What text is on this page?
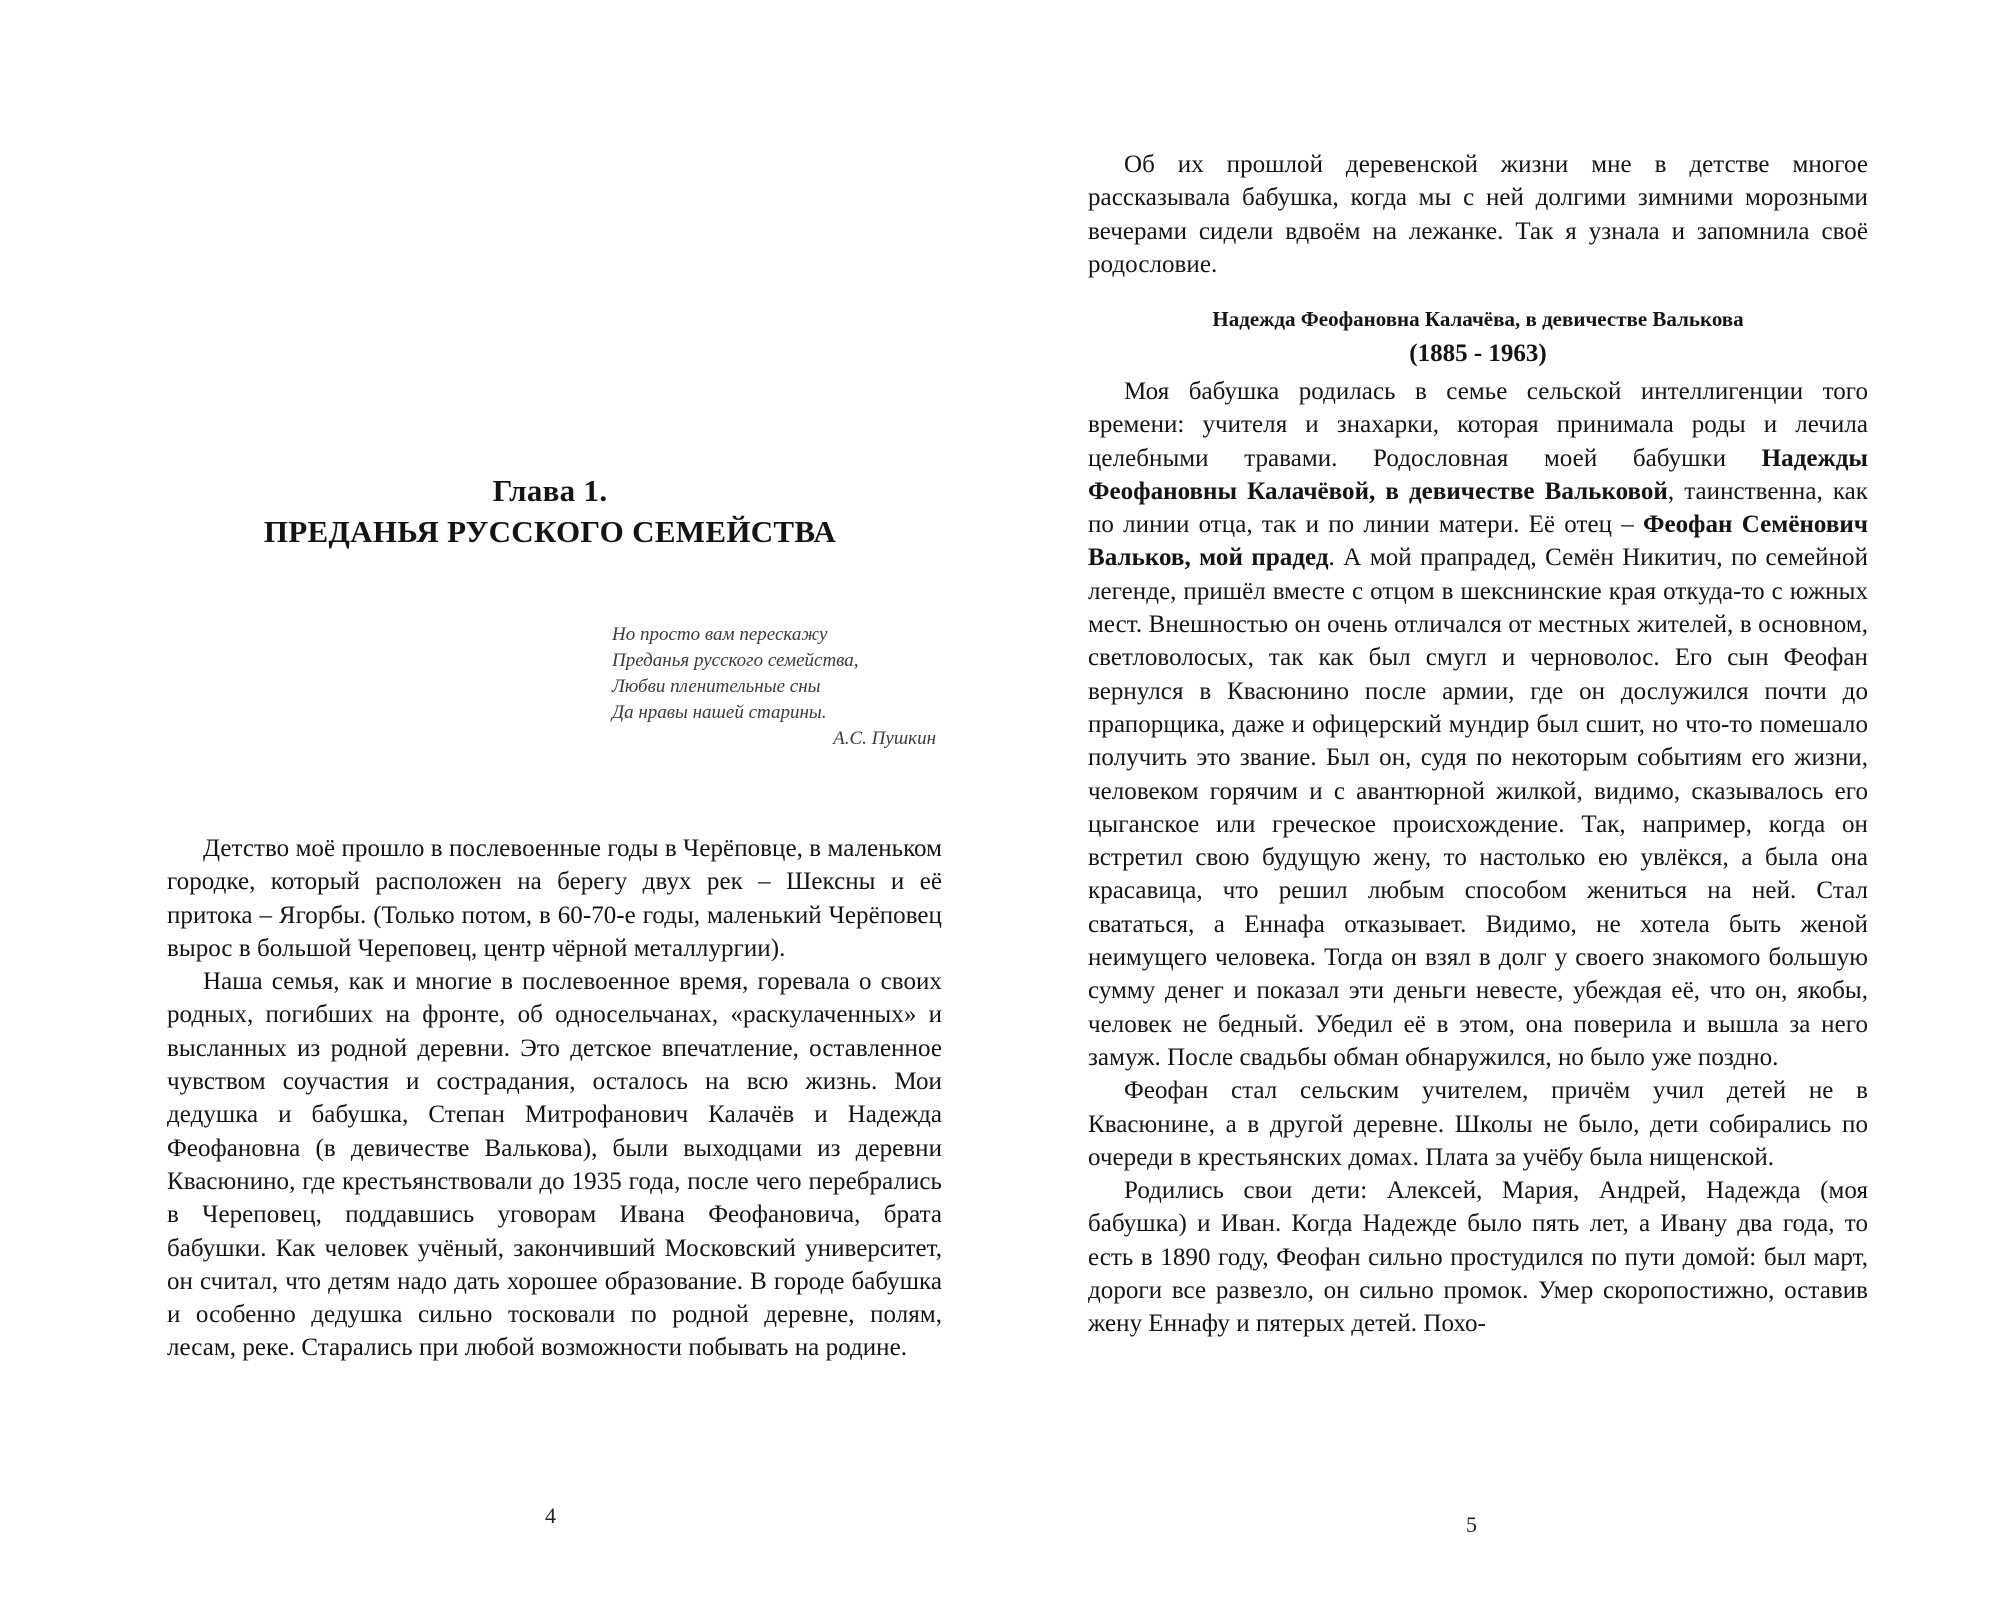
Глава 1.
ПРЕДАНЬЯ РУССКОГО СЕМЕЙСТВА
Но просто вам перескажу
Преданья русского семейства,
Любви пленительные сны
Да нравы нашей старины.
А.С. Пушкин

Детство моё прошло в послевоенные годы в Черёповце, в маленьком городке, который расположен на берегу двух рек – Шексны и её притока – Ягорбы. (Только потом, в 60-70-е годы, маленький Черёповец вырос в большой Череповец, центр чёрной металлургии).

Наша семья, как и многие в послевоенное время, горевала о своих родных, погибших на фронте, об односельчанах, «раскулаченных» и высланных из родной деревни. Это детское впечатление, оставленное чувством соучастия и сострадания, осталось на всю жизнь. Мои дедушка и бабушка, Степан Митрофанович Калачёв и Надежда Феофановна (в девичестве Валькова), были выходцами из деревни Квасюнино, где крестьянствовали до 1935 года, после чего перебрались в Череповец, поддавшись уговорам Ивана Феофановича, брата бабушки. Как человек учёный, закончивший Московский университет, он считал, что детям надо дать хорошее образование. В городе бабушка и особенно дедушка сильно тосковали по родной деревне, полям, лесам, реке. Старались при любой возможности побывать на родине.

4

Об их прошлой деревенской жизни мне в детстве многое рассказывала бабушка, когда мы с ней долгими зимними морозными вечерами сидели вдвоём на лежанке. Так я узнала и запомнила своё родословие.

Надежда Феофановна Калачёва, в девичестве Валькова
(1885 - 1963)

Моя бабушка родилась в семье сельской интеллигенции того времени: учителя и знахарки, которая принимала роды и лечила целебными травами. Родословная моей бабушки Надежды Феофановны Калачёвой, в девичестве Вальковой, таинственна, как по линии отца, так и по линии матери. Её отец – Феофан Семёнович Вальков, мой прадед. А мой прапрадед, Семён Никитич, по семейной легенде, пришёл вместе с отцом в шекснинские края откуда-то с южных мест. Внешностью он очень отличался от местных жителей, в основном, светловолосых, так как был смугл и черноволос. Его сын Феофан вернулся в Квасюнино после армии, где он дослужился почти до прапорщика, даже и офицерский мундир был сшит, но что-то помешало получить это звание. Был он, судя по некоторым событиям его жизни, человеком горячим и с авантюрной жилкой, видимо, сказывалось его цыганское или греческое происхождение. Так, например, когда он встретил свою будущую жену, то настолько ею увлёкся, а была она красавица, что решил любым способом жениться на ней. Стал свататься, а Еннафа отказывает. Видимо, не хотела быть женой неимущего человека. Тогда он взял в долг у своего знакомого большую сумму денег и показал эти деньги невесте, убеждая её, что он, якобы, человек не бедный. Убедил её в этом, она поверила и вышла за него замуж. После свадьбы обман обнаружился, но было уже поздно.

Феофан стал сельским учителем, причём учил детей не в Квасюнине, а в другой деревне. Школы не было, дети собирались по очереди в крестьянских домах. Плата за учёбу была нищенской.

Родились свои дети: Алексей, Мария, Андрей, Надежда (моя бабушка) и Иван. Когда Надежде было пять лет, а Ивану два года, то есть в 1890 году, Феофан сильно простудился по пути домой: был март, дороги все развезло, он сильно промок. Умер скоропостижно, оставив жену Еннафу и пятерых детей. Похо-

5
